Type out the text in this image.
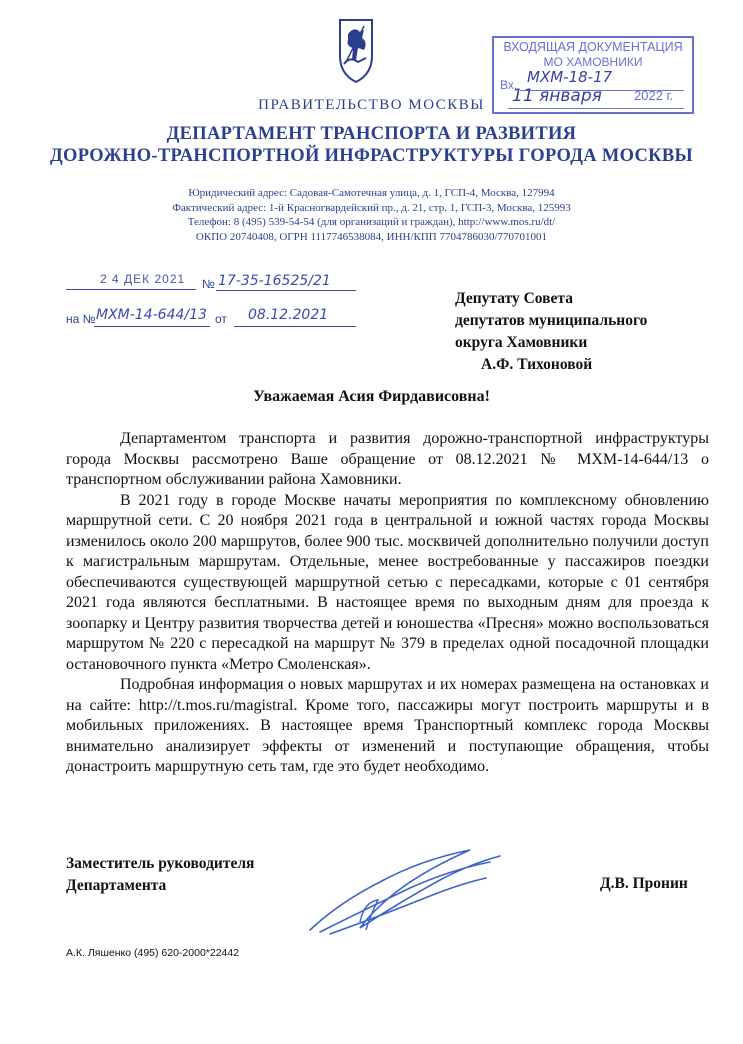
ПРАВИТЕЛЬСТВО МОСКВЫ
ДЕПАРТАМЕНТ ТРАНСПОРТА И РАЗВИТИЯ
ДОРОЖНО-ТРАНСПОРТНОЙ ИНФРАСТРУКТУРЫ ГОРОДА МОСКВЫ
Юридический адрес: Садовая-Самотечная улица, д. 1, ГСП-4, Москва, 127994
Фактический адрес: 1-й Красногвардейский пр., д. 21, стр. 1, ГСП-3, Москва, 125993
Телефон: 8 (495) 539-54-54 (для организаций и граждан), http://www.mos.ru/dt/
ОКПО 20740408, ОГРН 1117746538084, ИНН/КПП 7704786030/770701001
ВХОДЯЩАЯ ДОКУМЕНТАЦИЯ
МО ХАМОВНИКИ
Вх. МХМ-18-17
11 января 2022 г.
2 4 ДЕК 2021 № 17-35-16525/21
на № МХМ-14-644/13 от 08.12.2021
Депутату Совета
депутатов муниципального
округа Хамовники
А.Ф. Тихоновой
Уважаемая Асия Фирдависовна!

Департаментом транспорта и развития дорожно-транспортной инфраструктуры города Москвы рассмотрено Ваше обращение от 08.12.2021 № МХМ-14-644/13 о транспортном обслуживании района Хамовники.

В 2021 году в городе Москве начаты мероприятия по комплексному обновлению маршрутной сети. С 20 ноября 2021 года в центральной и южной частях города Москвы изменилось около 200 маршрутов, более 900 тыс. москвичей дополнительно получили доступ к магистральным маршрутам. Отдельные, менее востребованные у пассажиров поездки обеспечиваются существующей маршрутной сетью с пересадками, которые с 01 сентября 2021 года являются бесплатными. В настоящее время по выходным дням для проезда к зоопарку и Центру развития творчества детей и юношества «Пресня» можно воспользоваться маршрутом № 220 с пересадкой на маршрут № 379 в пределах одной посадочной площадки остановочного пункта «Метро Смоленская».

Подробная информация о новых маршрутах и их номерах размещена на остановках и на сайте: http://t.mos.ru/magistral. Кроме того, пассажиры могут построить маршруты и в мобильных приложениях. В настоящее время Транспортный комплекс города Москвы внимательно анализирует эффекты от изменений и поступающие обращения, чтобы донастроить маршрутную сеть там, где это будет необходимо.

Заместитель руководителя
Департамента	Д.В. Пронин
А.К. Ляшенко (495) 620-2000*22442
